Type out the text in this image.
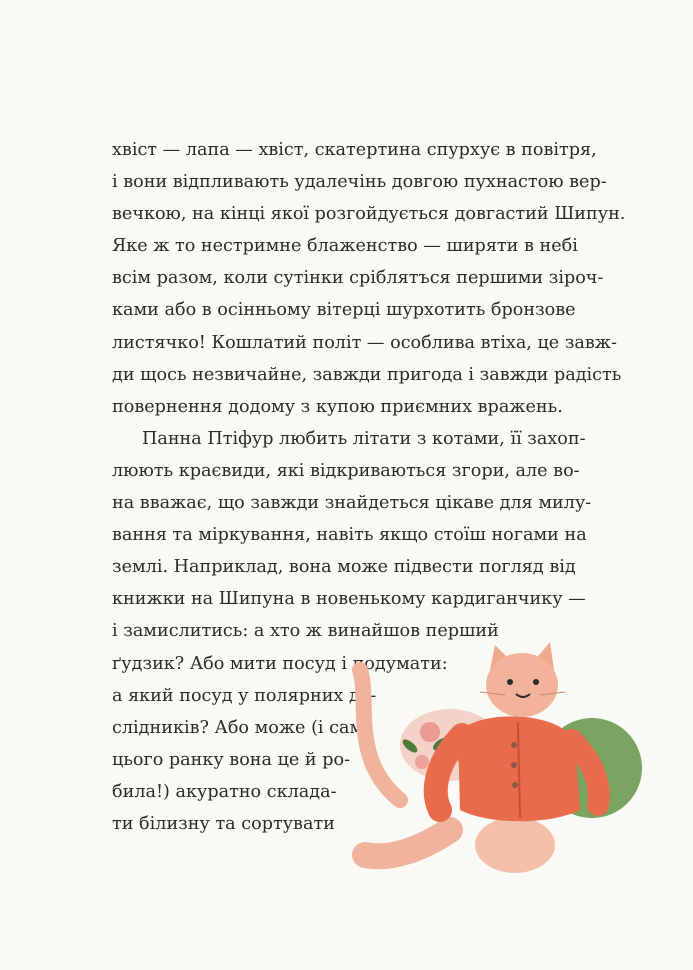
хвіст — лапа — хвіст, скатертина спурхує в повітря,
і вони відпливають удалечінь довгою пухнастою вер-
вечкою, на кінці якої розгойдується довгастий Шипун.
Яке ж то нестримне блаженство — ширяти в небі
всім разом, коли сутінки сріблятъся першими зіроч-
ками або в осінньому вітерці шурхотить бронзове
листячко! Кошлатий політ — особлива втіха, це завж-
ди щось незвичайне, завжди пригода і завжди радість
повернення додому з купою приємних вражень.
Панна Птіфур любить літати з котами, її захоп-
люють краєвиди, які відкриваються згори, але во-
на вважає, що завжди знайдеться цікаве для милу-
вання та міркування, навіть якщо стоїш ногами на
землі. Наприклад, вона може підвести погляд від
книжки на Шипуна в новенькому кардиганчику —
і замислитись: а хто ж винайшов перший
ґудзик? Або мити посуд і подумати:
а який посуд у полярних до-
слідників? Або може (і саме
цього ранку вона це й ро-
била!) акуратно склада-
ти білизну та сортувати
